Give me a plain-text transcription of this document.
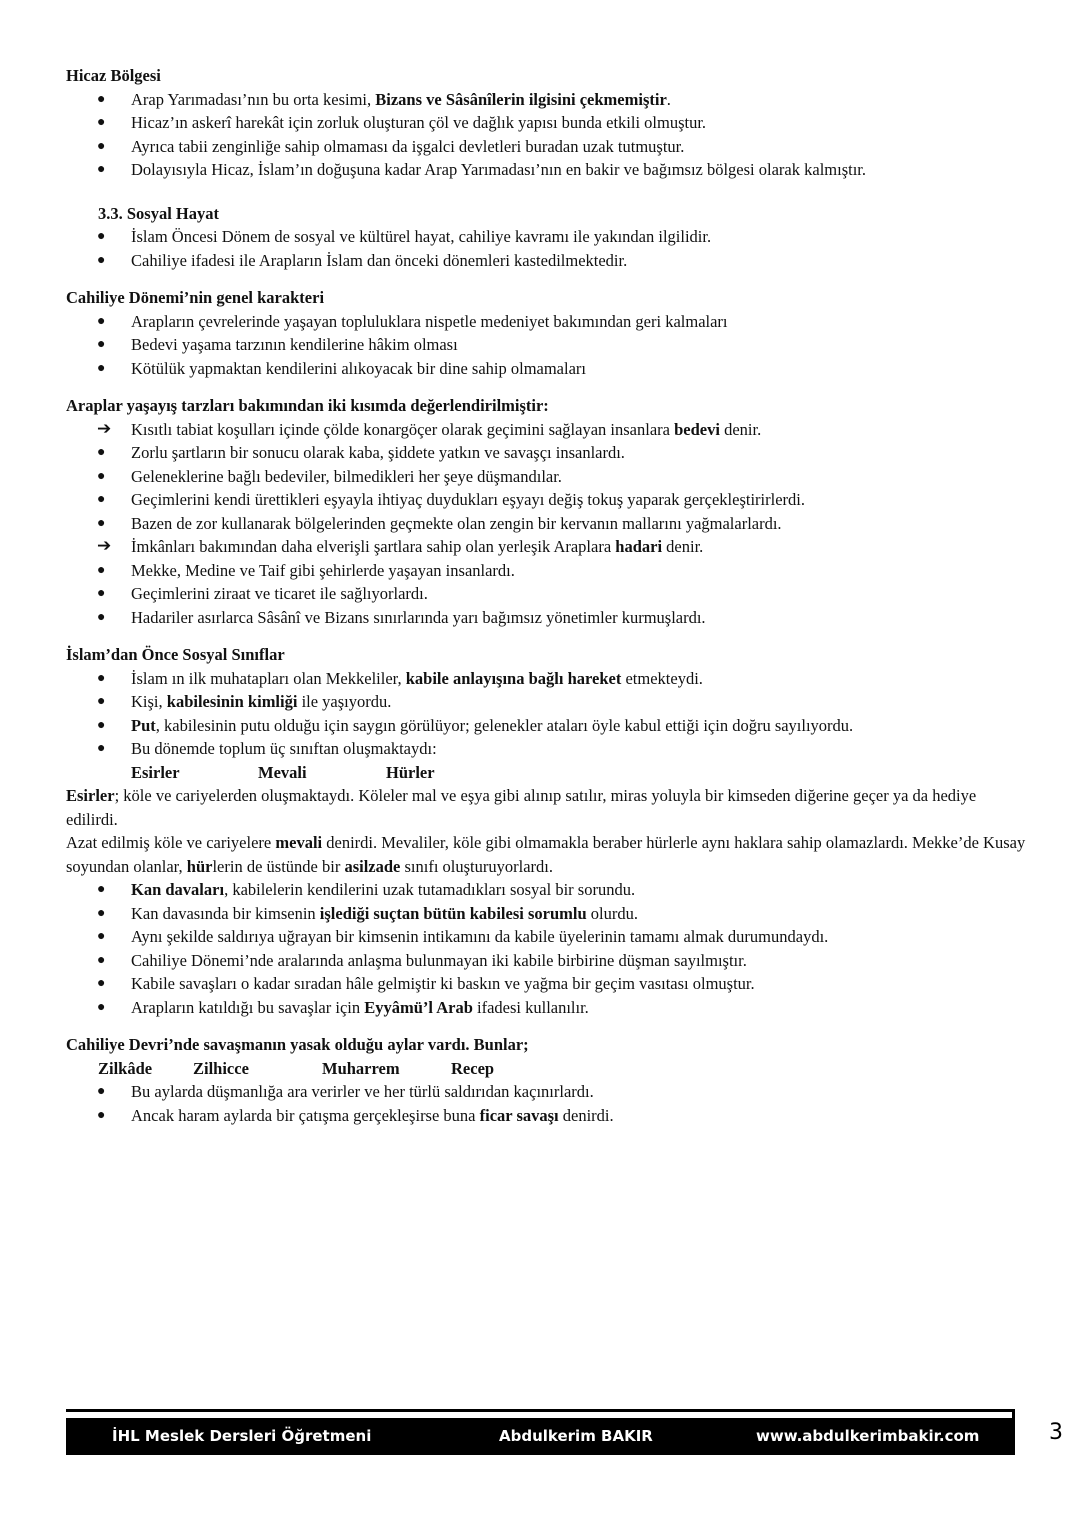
Hicaz Bölgesi

●	Arap Yarımadası’nın bu orta kesimi, Bizans ve Sâsânîlerin ilgisini çekmemiştir.
●	Hicaz’ın askerî harekât için zorluk oluşturan çöl ve dağlık yapısı bunda etkili olmuştur.
●	Ayrıca tabii zenginliğe sahip olmaması da işgalci devletleri buradan uzak tutmuştur.
●	Dolayısıyla Hicaz, İslam’ın doğuşuna kadar Arap Yarımadası’nın en bakir ve bağımsız bölgesi olarak kalmıştır.

3.3. Sosyal Hayat

●	İslam Öncesi Dönem de sosyal ve kültürel hayat, cahiliye kavramı ile yakından ilgilidir.
●	Cahiliye ifadesi ile Arapların İslam dan önceki dönemleri kastedilmektedir.

Cahiliye Dönemi’nin genel karakteri

●	Arapların çevrelerinde yaşayan topluluklara nispetle medeniyet bakımından geri kalmaları
●	Bedevi yaşama tarzının kendilerine hâkim olması
●	Kötülük yapmaktan kendilerini alıkoyacak bir dine sahip olmamaları

Araplar yaşayış tarzları bakımından iki kısımda değerlendirilmiştir:

➔	Kısıtlı tabiat koşulları içinde çölde konargöçer olarak geçimini sağlayan insanlara bedevi denir.
●	Zorlu şartların bir sonucu olarak kaba, şiddete yatkın ve savaşçı insanlardı.
●	Geleneklerine bağlı bedeviler, bilmedikleri her şeye düşmandılar.
●	Geçimlerini kendi ürettikleri eşyayla ihtiyaç duydukları eşyayı değiş tokuş yaparak gerçekleştirirlerdi.
●	Bazen de zor kullanarak bölgelerinden geçmekte olan zengin bir kervanın mallarını yağmalarlardı.
➔	İmkânları bakımından daha elverişli şartlara sahip olan yerleşik Araplara hadari denir.
●	Mekke, Medine ve Taif gibi şehirlerde yaşayan insanlardı.
●	Geçimlerini ziraat ve ticaret ile sağlıyorlardı.
●	Hadariler asırlarca Sâsânî ve Bizans sınırlarında yarı bağımsız yönetimler kurmuşlardı.

İslam’dan Önce Sosyal Sınıflar

●	İslam ın ilk muhatapları olan Mekkeliler, kabile anlayışına bağlı hareket etmekteydi.
●	Kişi, kabilesinin kimliği ile yaşıyordu.
●	Put, kabilesinin putu olduğu için saygın görülüyor; gelenekler ataları öyle kabul ettiği için doğru sayılıyordu.
●	Bu dönemde toplum üç sınıftan oluşmaktaydı:
Esirler	Mevali	Hürler

Esirler; köle ve cariyelerden oluşmaktaydı. Köleler mal ve eşya gibi alınıp satılır, miras yoluyla bir kimseden diğerine geçer ya da hediye edilirdi.

Azat edilmiş köle ve cariyelere mevali denirdi. Mevaliler, köle gibi olmamakla beraber hürlerle aynı haklara sahip olamazlardı. Mekke’de Kusay soyundan olanlar, hürlerin de üstünde bir asilzade sınıfı oluşturuyorlardı.

●	Kan davaları, kabilelerin kendilerini uzak tutamadıkları sosyal bir sorundu.
●	Kan davasında bir kimsenin işlediği suçtan bütün kabilesi sorumlu olurdu.
●	Aynı şekilde saldırıya uğrayan bir kimsenin intikamını da kabile üyelerinin tamamı almak durumundaydı.
●	Cahiliye Dönemi’nde aralarında anlaşma bulunmayan iki kabile birbirine düşman sayılmıştır.
●	Kabile savaşları o kadar sıradan hâle gelmiştir ki baskın ve yağma bir geçim vasıtası olmuştur.
●	Arapların katıldığı bu savaşlar için Eyyâmü’l Arab ifadesi kullanılır.

Cahiliye Devri’nde savaşmanın yasak olduğu aylar vardı. Bunlar;

Zilkâde	Zilhicce	Muharrem	Recep
●	Bu aylarda düşmanlığa ara verirler ve her türlü saldırıdan kaçınırlardı.
●	Ancak haram aylarda bir çatışma gerçekleşirse buna ficar savaşı denirdi.
İHL Meslek Dersleri Öğretmeni	Abdulkerim BAKIR	www.abdulkerimbakir.com	3
